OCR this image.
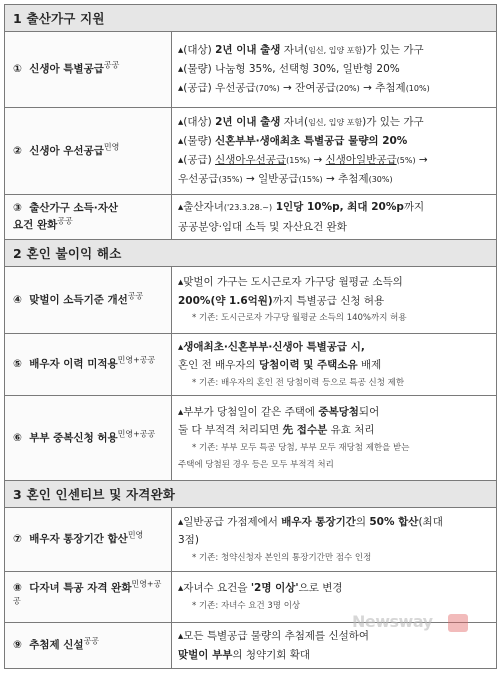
1 출산가구 지원	
① 신생아 특별공급$^{공공}$	▴(대상) 2년 이내 출생 자녀(임신, 입양 포함)가 있는 가구
▴(물량) 나눔형 35%, 선택형 30%, 일반형 20%
▴(공급) 우선공급(70%) → 잔여공급(20%) → 추첨제(10%)

② 신생아 우선공급$^{민영}$	▴(대상) 2년 이내 출생 자녀(임신, 입양 포함)가 있는 가구
▴(물량) 신혼부부·생애최초 특별공급 물량의 20%
▴(공급) 신생아우선공급(15%) → 신생아일반공급(5%) →
우선공급(35%) → 일반공급(15%) → 추첨제(30%)

③ 출산가구 소득·자산
요건 완화$^{공공}$	▴출산자녀('23.3.28.~) 1인당 10%p, 최대 20%p까지
공공분양·임대 소득 및 자산요건 완화

2 혼인 불이익 해소	
④ 맞벌이 소득기준 개선$^{공공}$	▴맞벌이 가구는 도시근로자 가구당 월평균 소득의
200%(약 1.6억원)까지 특별공급 신청 허용
* 기존: 도시근로자 가구당 월평균 소득의 140%까지 허용

⑤ 배우자 이력 미적용$^{민영+공공}$	▴생애최초·신혼부부·신생아 특별공급 시,
혼인 전 배우자의 당첨이력 및 주택소유 배제
* 기존: 배우자의 혼인 전 당첨이력 등으로 특공 신청 제한

⑥ 부부 중복신청 허용$^{민영+공공}$	▴부부가 당첨일이 같은 주택에 중복당첨되어
둘 다 부적격 처리되면 先 접수분 유효 처리
* 기존: 부부 모두 특공 당첨, 부부 모두 재당첨 제한을 받는
주택에 당첨된 경우 등은 모두 부적격 처리

3 혼인 인센티브 및 자격완화	
⑦ 배우자 통장기간 합산$^{민영}$	▴일반공급 가점제에서 배우자 통장기간의 50% 합산(최대
3점)
* 기존: 청약신청자 본인의 통장기간만 점수 인정

⑧ 다자녀 특공 자격 완화$^{민영+공공}$	▴자녀수 요건을 '2명 이상'으로 변경
* 기존: 자녀수 요건 3명 이상

⑨ 추첨제 신설$^{공공}$	▴모든 특별공급 물량의 추첨제를 신설하여
맞벌이 부부의 청약기회 확대
Newsway
